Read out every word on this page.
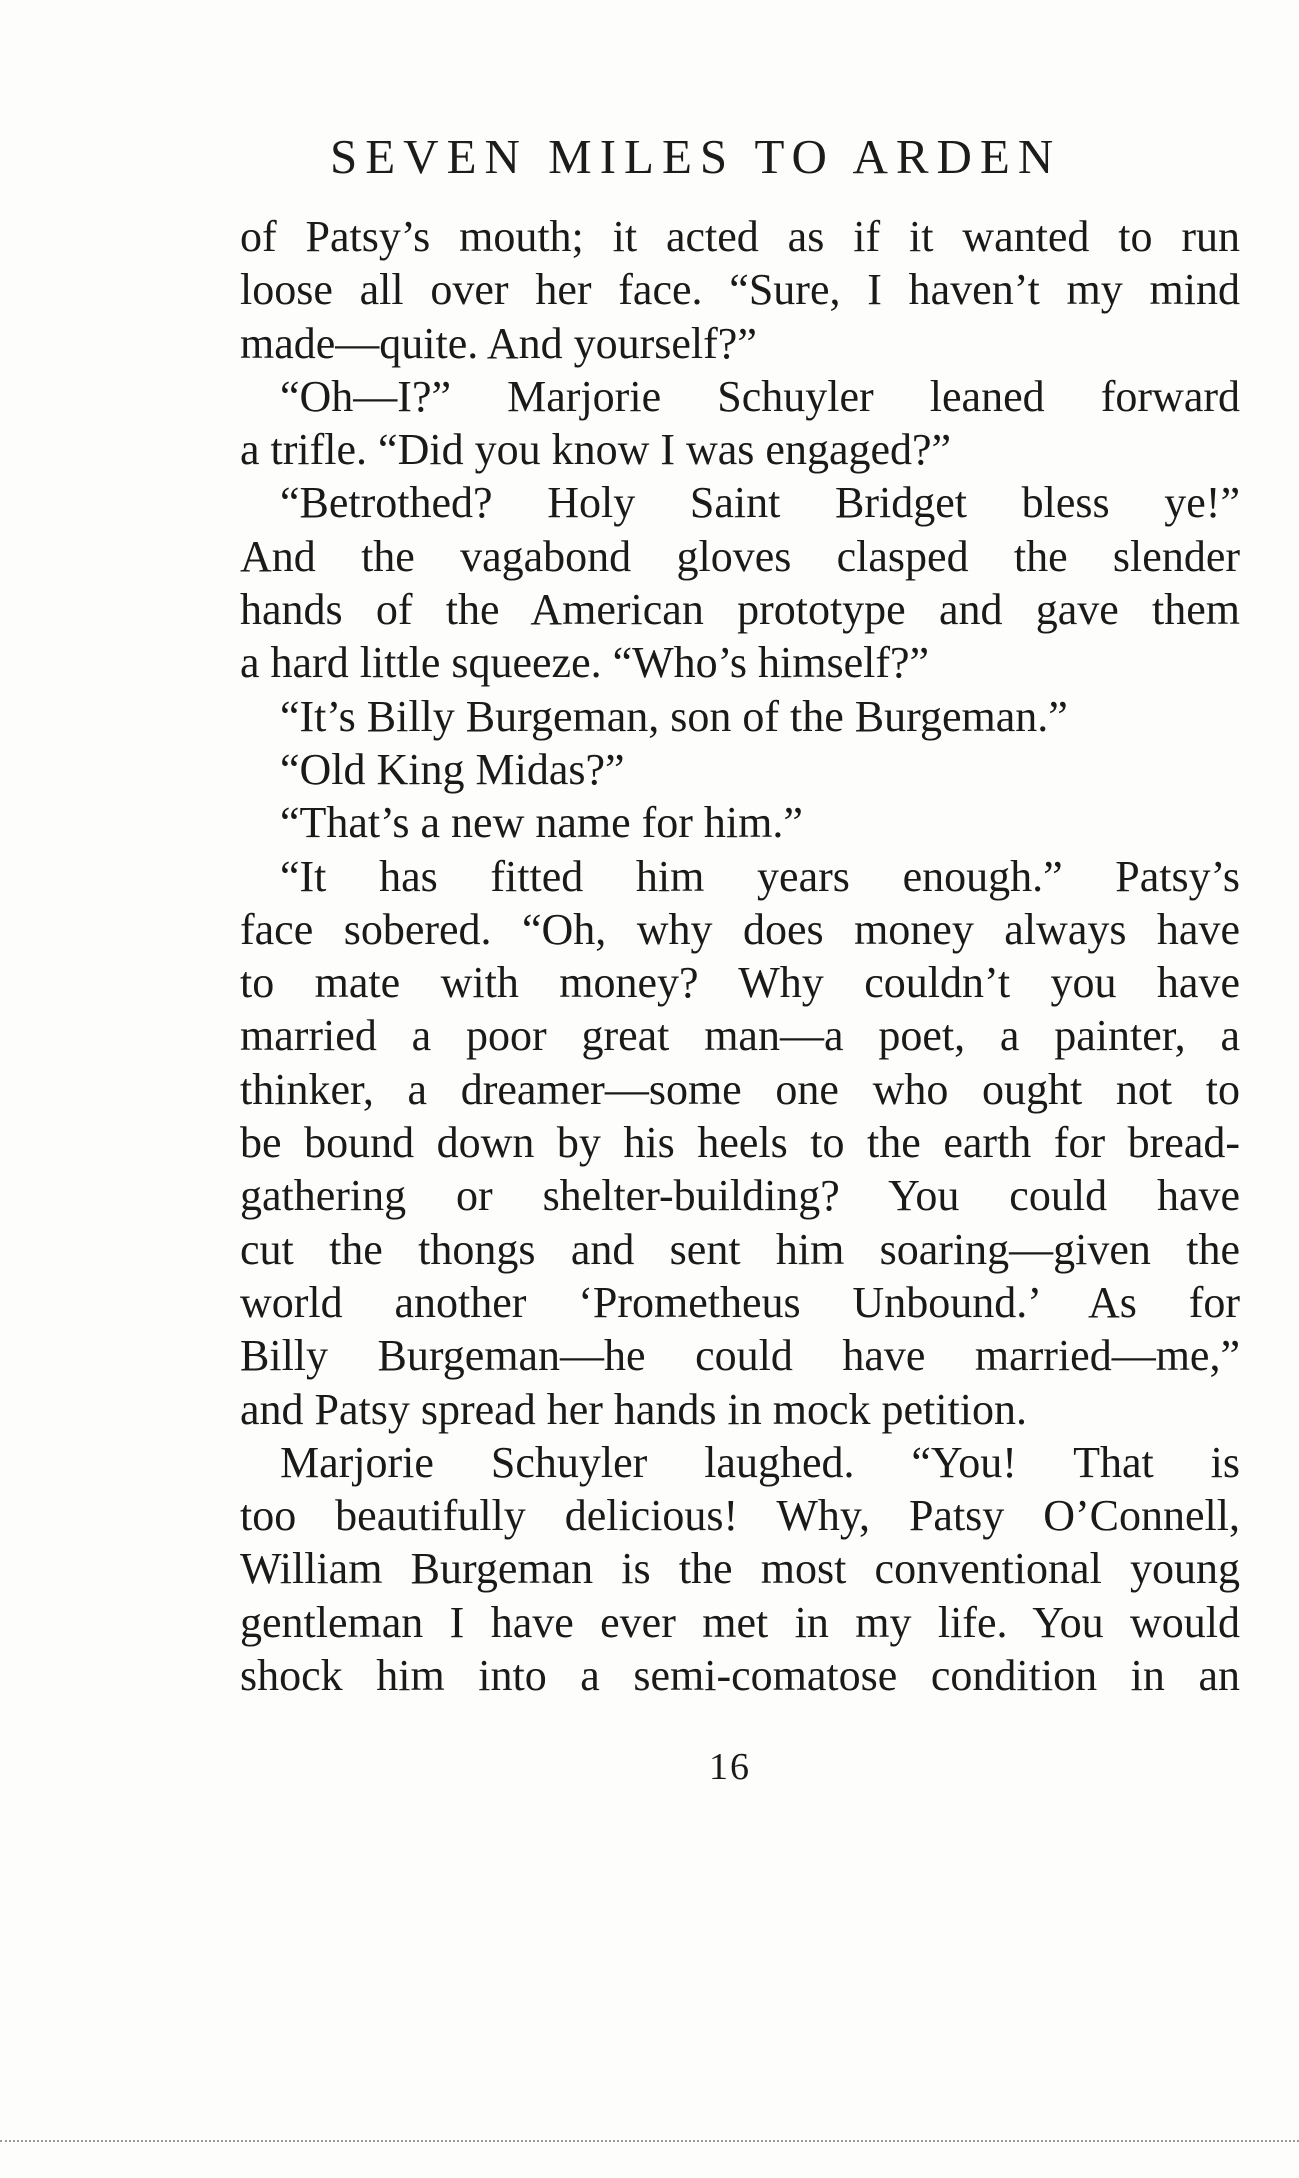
SEVEN MILES TO ARDEN
of Patsy’s mouth; it acted as if it wanted to run
loose all over her face. “Sure, I haven’t my mind
made—quite. And yourself?”
“Oh—I?” Marjorie Schuyler leaned forward
a trifle. “Did you know I was engaged?”
“Betrothed? Holy Saint Bridget bless ye!”
And the vagabond gloves clasped the slender
hands of the American prototype and gave them
a hard little squeeze. “Who’s himself?”
“It’s Billy Burgeman, son of the Burgeman.”
“Old King Midas?”
“That’s a new name for him.”
“It has fitted him years enough.” Patsy’s
face sobered. “Oh, why does money always have
to mate with money? Why couldn’t you have
married a poor great man—a poet, a painter, a
thinker, a dreamer—some one who ought not to
be bound down by his heels to the earth for bread-
gathering or shelter-building? You could have
cut the thongs and sent him soaring—given the
world another ‘Prometheus Unbound.’ As for
Billy Burgeman—he could have married—me,”
and Patsy spread her hands in mock petition.
Marjorie Schuyler laughed. “You! That is
too beautifully delicious! Why, Patsy O’Connell,
William Burgeman is the most conventional young
gentleman I have ever met in my life. You would
shock him into a semi-comatose condition in an
16
